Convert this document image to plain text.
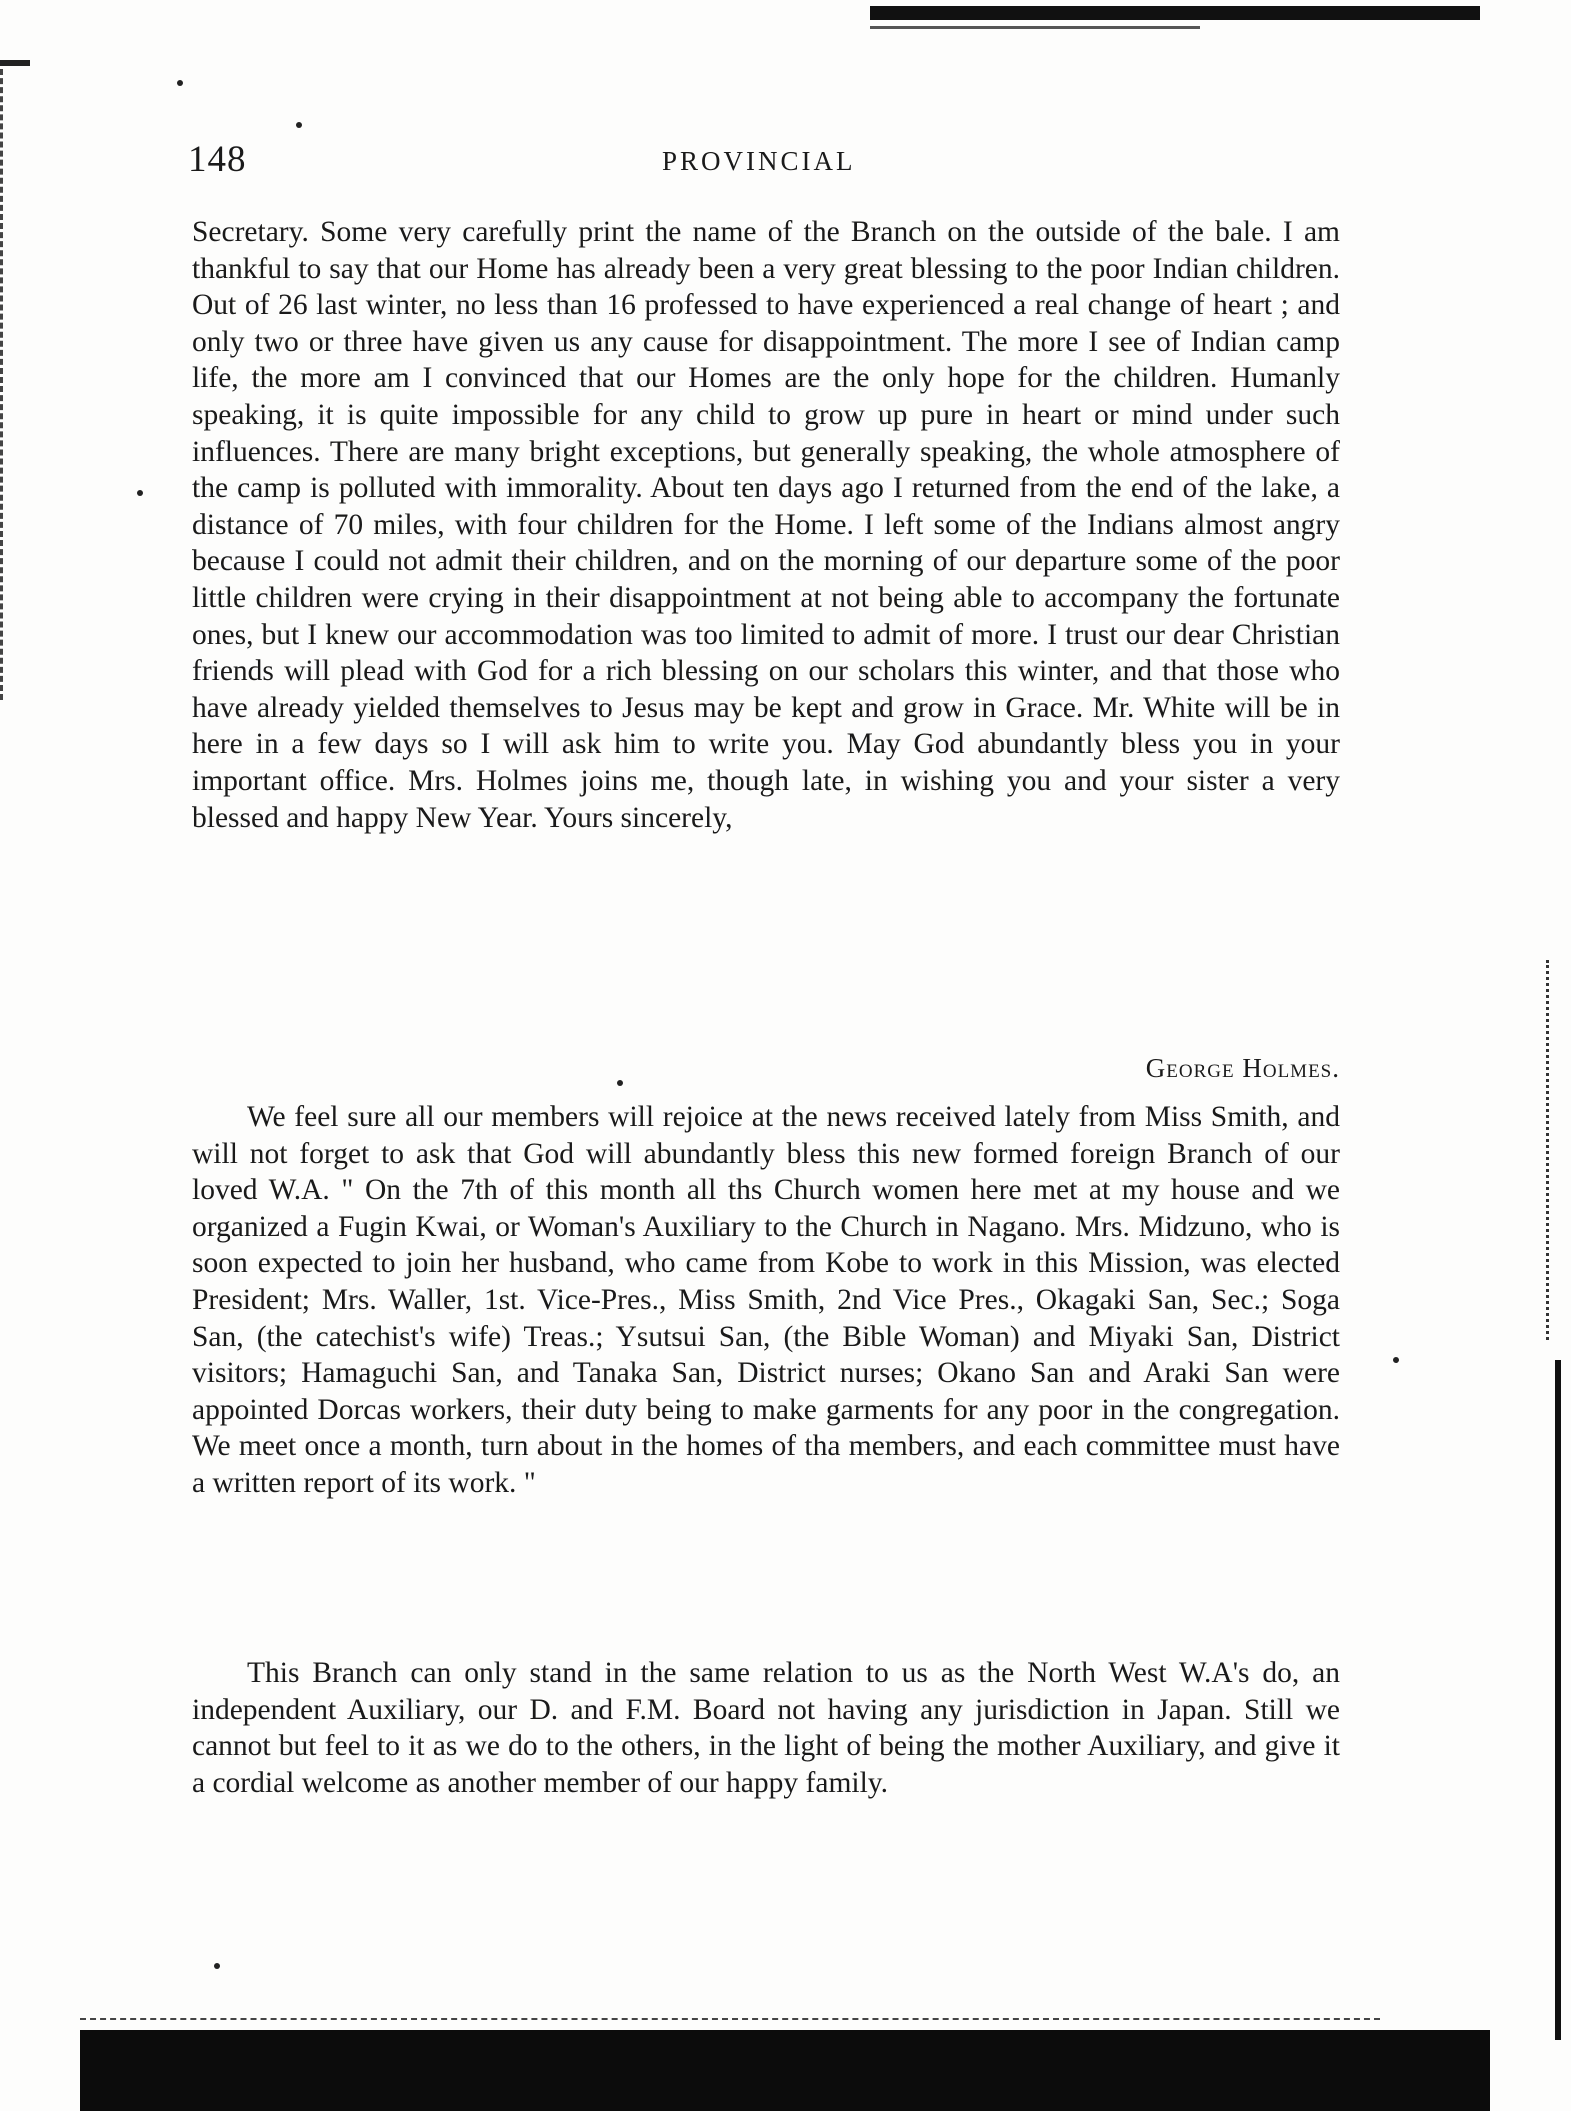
148	PROVINCIAL

Secretary. Some very carefully print the name of the Branch on the outside of the bale. I am thankful to say that our Home has already been a very great blessing to the poor Indian children. Out of 26 last winter, no less than 16 professed to have experienced a real change of heart ; and only two or three have given us any cause for disappointment. The more I see of Indian camp life, the more am I convinced that our Homes are the only hope for the children. Humanly speaking, it is quite impossible for any child to grow up pure in heart or mind under such influences. There are many bright exceptions, but generally speaking, the whole atmosphere of the camp is polluted with immorality. About ten days ago I returned from the end of the lake, a distance of 70 miles, with four children for the Home. I left some of the Indians almost angry because I could not admit their children, and on the morning of our departure some of the poor little children were crying in their disappointment at not being able to accompany the fortunate ones, but I knew our accommodation was too limited to admit of more. I trust our dear Christian friends will plead with God for a rich blessing on our scholars this winter, and that those who have already yielded themselves to Jesus may be kept and grow in Grace. Mr. White will be in here in a few days so I will ask him to write you. May God abundantly bless you in your important office. Mrs. Holmes joins me, though late, in wishing you and your sister a very blessed and happy New Year. Yours sincerely,

George Holmes.

We feel sure all our members will rejoice at the news received lately from Miss Smith, and will not forget to ask that God will abundantly bless this new formed foreign Branch of our loved W.A. " On the 7th of this month all ths Church women here met at my house and we organized a Fugin Kwai, or Woman's Auxiliary to the Church in Nagano. Mrs. Midzuno, who is soon expected to join her husband, who came from Kobe to work in this Mission, was elected President; Mrs. Waller, 1st. Vice-Pres., Miss Smith, 2nd Vice Pres., Okagaki San, Sec.; Soga San, (the catechist's wife) Treas.; Ysutsui San, (the Bible Woman) and Miyaki San, District visitors; Hamaguchi San, and Tanaka San, District nurses; Okano San and Araki San were appointed Dorcas workers, their duty being to make garments for any poor in the congregation. We meet once a month, turn about in the homes of tha members, and each committee must have a written report of its work. "

This Branch can only stand in the same relation to us as the North West W.A's do, an independent Auxiliary, our D. and F.M. Board not having any jurisdiction in Japan. Still we cannot but feel to it as we do to the others, in the light of being the mother Auxiliary, and give it a cordial welcome as another member of our happy family.
